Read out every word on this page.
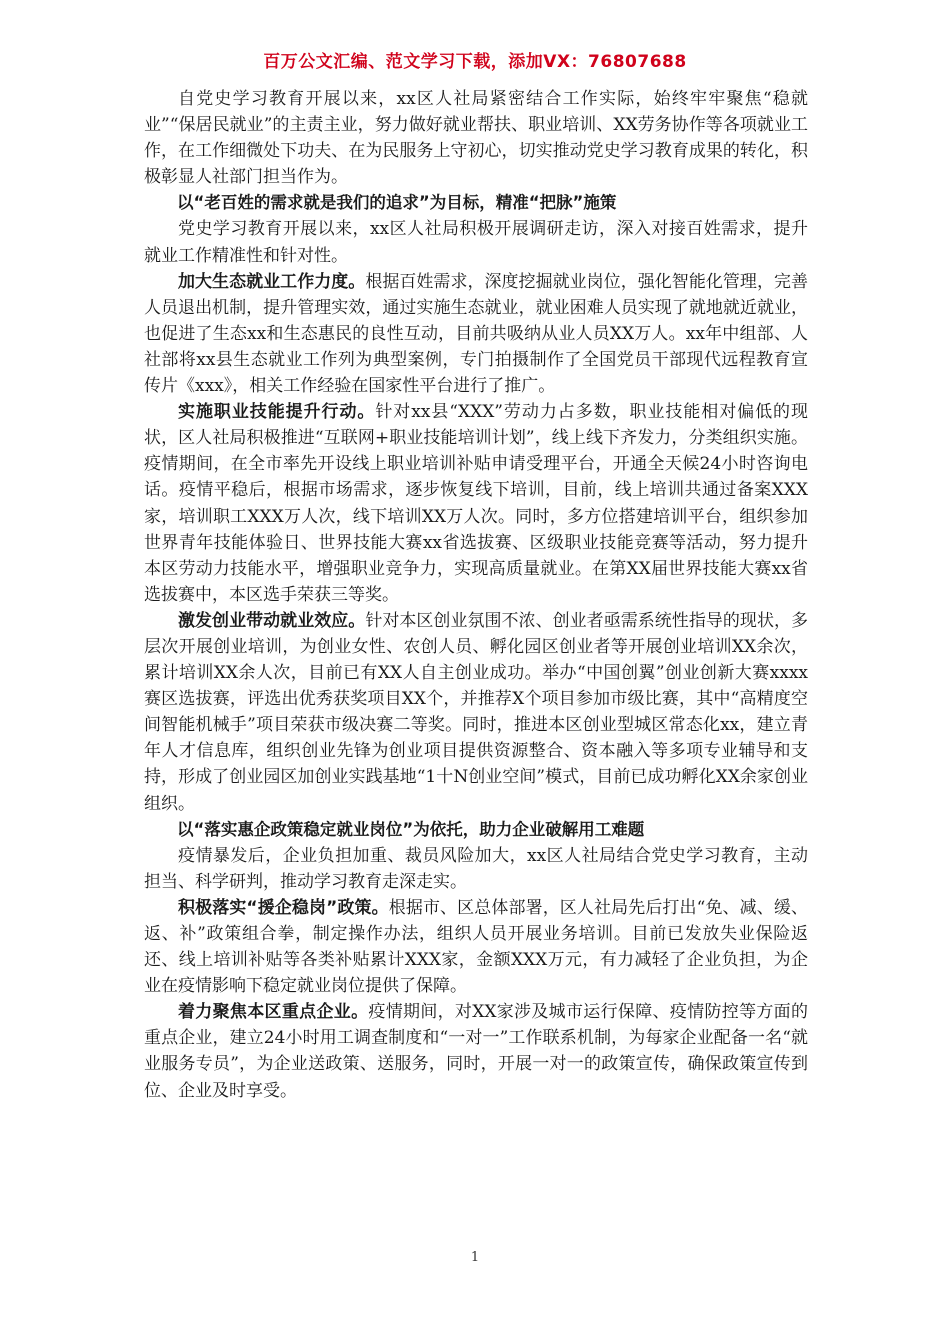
百万公文汇编、范文学习下载，添加VX：76807688

自党史学习教育开展以来，xx区人社局紧密结合工作实际，始终牢牢聚焦“稳就业”“保居民就业”的主责主业，努力做好就业帮扶、职业培训、XX劳务协作等各项就业工作，在工作细微处下功夫、在为民服务上守初心，切实推动党史学习教育成果的转化，积极彰显人社部门担当作为。

以“老百姓的需求就是我们的追求”为目标，精准“把脉”施策

党史学习教育开展以来，xx区人社局积极开展调研走访，深入对接百姓需求，提升就业工作精准性和针对性。

加大生态就业工作力度。根据百姓需求，深度挖掘就业岗位，强化智能化管理，完善人员退出机制，提升管理实效，通过实施生态就业，就业困难人员实现了就地就近就业，也促进了生态xx和生态惠民的良性互动，目前共吸纳从业人员XX万人。xx年中组部、人社部将xx县生态就业工作列为典型案例，专门拍摄制作了全国党员干部现代远程教育宣传片《xxx》，相关工作经验在国家性平台进行了推广。

实施职业技能提升行动。针对xx县“XXX”劳动力占多数，职业技能相对偏低的现状，区人社局积极推进“互联网+职业技能培训计划”，线上线下齐发力，分类组织实施。疫情期间，在全市率先开设线上职业培训补贴申请受理平台，开通全天候24小时咨询电话。疫情平稳后，根据市场需求，逐步恢复线下培训，目前，线上培训共通过备案XXX家，培训职工XXX万人次，线下培训XX万人次。同时，多方位搭建培训平台，组织参加世界青年技能体验日、世界技能大赛xx省选拔赛、区级职业技能竞赛等活动，努力提升本区劳动力技能水平，增强职业竞争力，实现高质量就业。在第XX届世界技能大赛xx省选拔赛中，本区选手荣获三等奖。

激发创业带动就业效应。针对本区创业氛围不浓、创业者亟需系统性指导的现状，多层次开展创业培训，为创业女性、农创人员、孵化园区创业者等开展创业培训XX余次，累计培训XX余人次，目前已有XX人自主创业成功。举办“中国创翼”创业创新大赛xxxx赛区选拔赛，评选出优秀获奖项目XX个，并推荐X个项目参加市级比赛，其中“高精度空间智能机械手”项目荣获市级决赛二等奖。同时，推进本区创业型城区常态化xx，建立青年人才信息库，组织创业先锋为创业项目提供资源整合、资本融入等多项专业辅导和支持，形成了创业园区加创业实践基地“1十N创业空间”模式，目前已成功孵化XX余家创业组织。

以“落实惠企政策稳定就业岗位”为依托，助力企业破解用工难题

疫情暴发后，企业负担加重、裁员风险加大，xx区人社局结合党史学习教育，主动担当、科学研判，推动学习教育走深走实。

积极落实“援企稳岗”政策。根据市、区总体部署，区人社局先后打出“免、减、缓、返、补”政策组合拳，制定操作办法，组织人员开展业务培训。目前已发放失业保险返还、线上培训补贴等各类补贴累计XXX家，金额XXX万元，有力减轻了企业负担，为企业在疫情影响下稳定就业岗位提供了保障。

着力聚焦本区重点企业。疫情期间，对XX家涉及城市运行保障、疫情防控等方面的重点企业，建立24小时用工调查制度和“一对一”工作联系机制，为每家企业配备一名“就业服务专员”，为企业送政策、送服务，同时，开展一对一的政策宣传，确保政策宣传到位、企业及时享受。

1
